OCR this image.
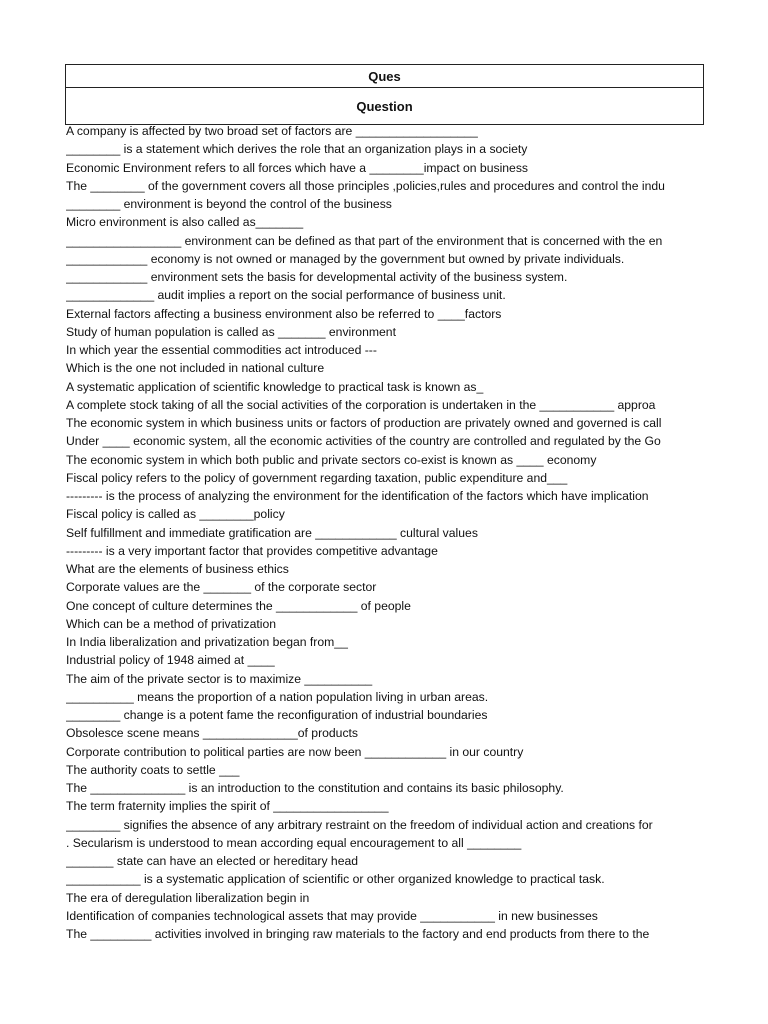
Ques
Question
A company is affected by two broad set of factors are __________________
________ is a statement which derives the role that an organization plays in a society
Economic Environment refers to all forces which have a ________impact on business
The ________ of the government covers all those principles ,policies,rules and procedures and control the indu
________ environment is beyond the control of the business
Micro environment is also called as_______
_________________ environment can be defined as that part of the environment that is concerned with the en
____________ economy is not owned or managed by the government but owned by private individuals.
____________ environment sets the basis for developmental activity of the business system.
_____________ audit implies a report on the social performance of business unit.
External factors affecting a business environment also be referred to ____factors
Study of human population is called as _______ environment
In which year the essential commodities act introduced ---
Which is the one not included in national culture
A systematic application of scientific knowledge to practical task is known as_
A complete stock taking of all the social activities of the corporation is undertaken in the ___________ approa
The economic system in which business units or factors of production are privately owned and governed is call
Under ____ economic system, all the economic activities of the country are controlled and regulated by the Go
The economic system in which both public and private sectors co-exist is known as ____ economy
Fiscal policy refers to the policy of government regarding taxation, public expenditure and___
--------- is the process of analyzing the environment for the identification of the factors which have implication
Fiscal policy is called as ________policy
Self fulfillment and immediate gratification are ____________ cultural values
--------- is a very important factor that provides competitive advantage
What are the elements of business ethics
Corporate values are the _______ of the corporate sector
One concept of culture determines the ____________ of people
Which can be a method of privatization
In India liberalization and privatization began from__
Industrial policy of 1948 aimed at ____
The aim of the private sector is to maximize __________
__________ means the proportion of a nation population living in urban areas.
________ change is a potent fame the reconfiguration of industrial boundaries
Obsolesce scene means ______________of products
Corporate contribution to political parties are now been ____________ in our country
The authority coats to settle ___
The ______________ is an introduction to the constitution and contains its basic philosophy.
The term fraternity implies the spirit of _________________
________ signifies the absence of any arbitrary restraint on the freedom of individual action and creations for
. Secularism is understood to mean according equal encouragement to all ________
_______ state can have an elected or hereditary head
___________ is a systematic application of scientific or other organized knowledge to practical task.
The era of deregulation liberalization begin in
Identification of companies technological assets that may provide ___________ in new businesses
The _________ activities involved in bringing raw materials to the factory and end products from there to the
